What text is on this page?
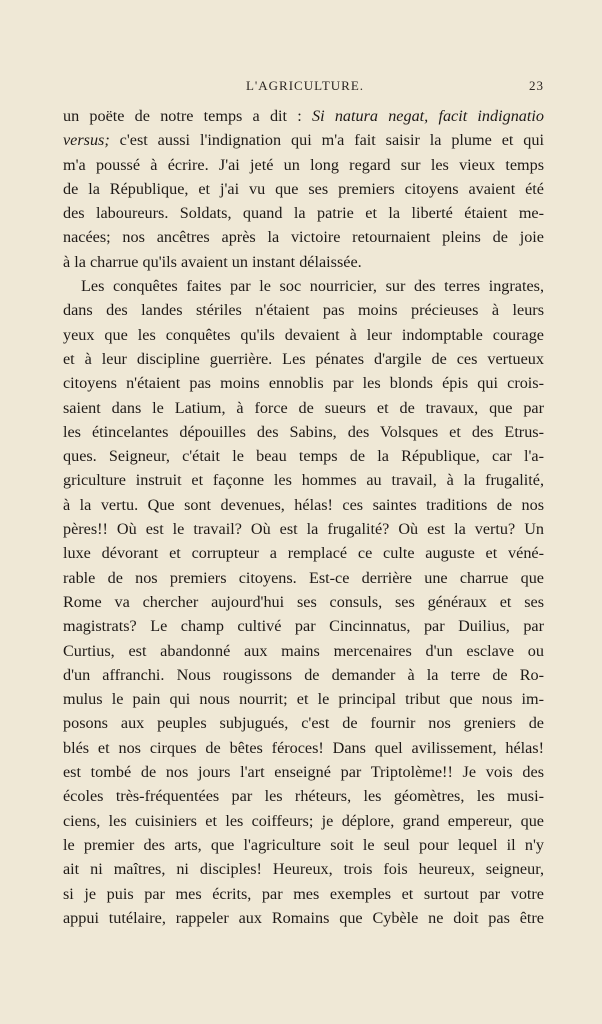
L'AGRICULTURE.	23

un poëte de notre temps a dit : Si natura negat, facit indignatio
versus; c'est aussi l'indignation qui m'a fait saisir la plume et qui
m'a poussé à écrire. J'ai jeté un long regard sur les vieux temps
de la République, et j'ai vu que ses premiers citoyens avaient été
des laboureurs. Soldats, quand la patrie et la liberté étaient me-
nacées; nos ancêtres après la victoire retournaient pleins de joie
à la charrue qu'ils avaient un instant délaissée.

Les conquêtes faites par le soc nourricier, sur des terres ingrates,
dans des landes stériles n'étaient pas moins précieuses à leurs
yeux que les conquêtes qu'ils devaient à leur indomptable courage
et à leur discipline guerrière. Les pénates d'argile de ces vertueux
citoyens n'étaient pas moins ennoblis par les blonds épis qui crois-
saient dans le Latium, à force de sueurs et de travaux, que par
les étincelantes dépouilles des Sabins, des Volsques et des Etrus-
ques. Seigneur, c'était le beau temps de la République, car l'a-
griculture instruit et façonne les hommes au travail, à la frugalité,
à la vertu. Que sont devenues, hélas! ces saintes traditions de nos
pères!! Où est le travail? Où est la frugalité? Où est la vertu? Un
luxe dévorant et corrupteur a remplacé ce culte auguste et véné-
rable de nos premiers citoyens. Est-ce derrière une charrue que
Rome va chercher aujourd'hui ses consuls, ses généraux et ses
magistrats? Le champ cultivé par Cincinnatus, par Duilius, par
Curtius, est abandonné aux mains mercenaires d'un esclave ou
d'un affranchi. Nous rougissons de demander à la terre de Ro-
mulus le pain qui nous nourrit; et le principal tribut que nous im-
posons aux peuples subjugués, c'est de fournir nos greniers de
blés et nos cirques de bêtes féroces! Dans quel avilissement, hélas!
est tombé de nos jours l'art enseigné par Triptolème!! Je vois des
écoles très-fréquentées par les rhéteurs, les géomètres, les musi-
ciens, les cuisiniers et les coiffeurs; je déplore, grand empereur, que
le premier des arts, que l'agriculture soit le seul pour lequel il n'y
ait ni maîtres, ni disciples! Heureux, trois fois heureux, seigneur,
si je puis par mes écrits, par mes exemples et surtout par votre
appui tutélaire, rappeler aux Romains que Cybèle ne doit pas être
